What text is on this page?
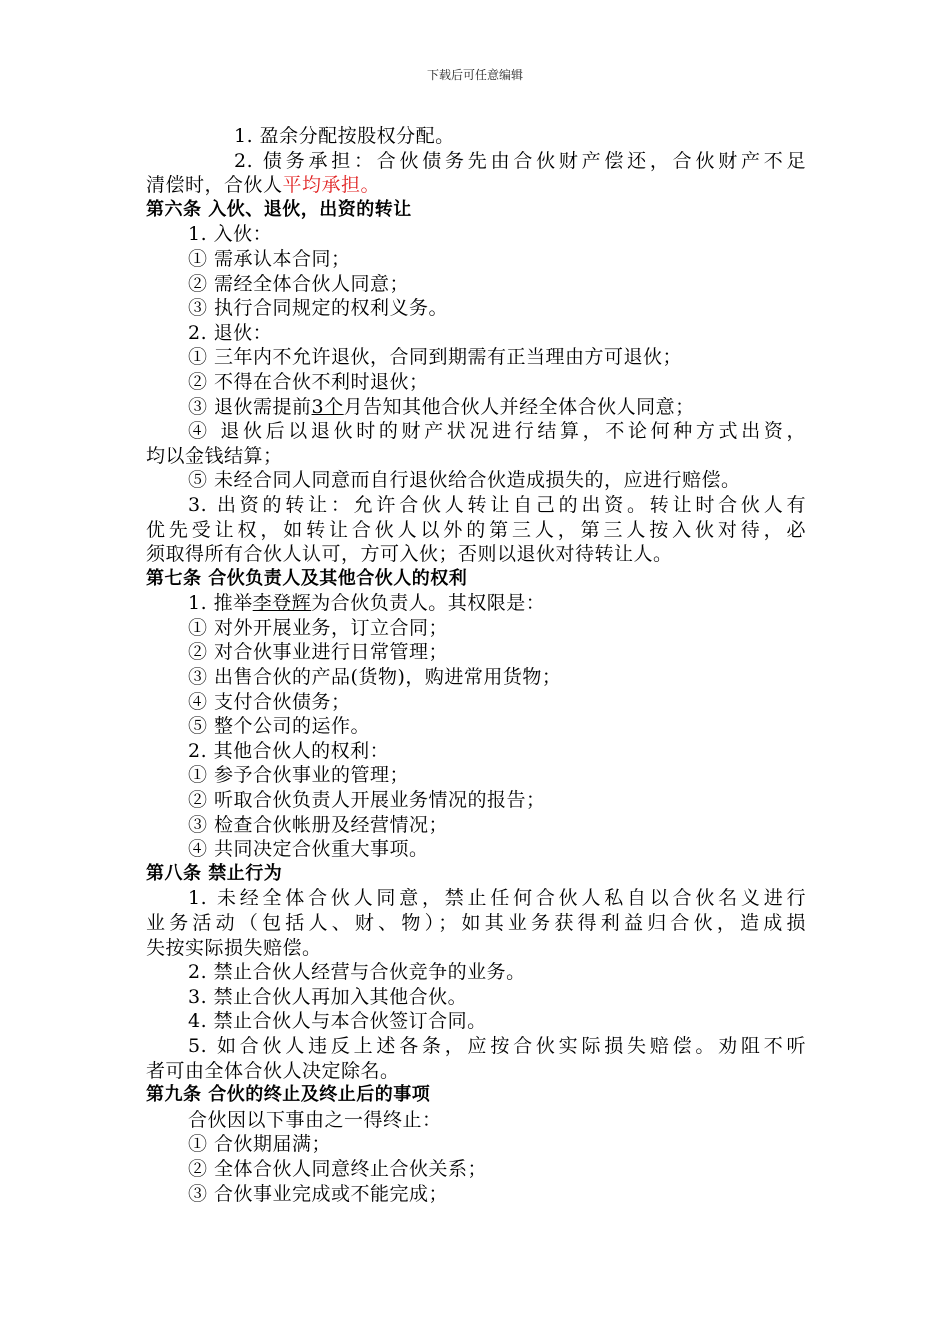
下载后可任意编辑
1. 盈余分配按股权分配。
2. 债务承担：合伙债务先由合伙财产偿还，合伙财产不足
清偿时，合伙人平均承担。
第六条 入伙、退伙，出资的转让
1. 入伙：
① 需承认本合同；
② 需经全体合伙人同意；
③ 执行合同规定的权利义务。
2. 退伙：
① 三年内不允许退伙，合同到期需有正当理由方可退伙；
② 不得在合伙不利时退伙；
③ 退伙需提前3个月告知其他合伙人并经全体合伙人同意；
④ 退伙后以退伙时的财产状况进行结算，不论何种方式出资，
均以金钱结算；
⑤ 未经合同人同意而自行退伙给合伙造成损失的，应进行赔偿。
3. 出资的转让：允许合伙人转让自己的出资。转让时合伙人有
优先受让权，如转让合伙人以外的第三人，第三人按入伙对待，必
须取得所有合伙人认可，方可入伙；否则以退伙对待转让人。
第七条 合伙负责人及其他合伙人的权利
1. 推举李登辉为合伙负责人。其权限是：
① 对外开展业务，订立合同；
② 对合伙事业进行日常管理；
③ 出售合伙的产品(货物)，购进常用货物；
④ 支付合伙债务；
⑤ 整个公司的运作。
2. 其他合伙人的权利：
① 参予合伙事业的管理；
② 听取合伙负责人开展业务情况的报告；
③ 检查合伙帐册及经营情况；
④ 共同决定合伙重大事项。
第八条 禁止行为
1. 未经全体合伙人同意，禁止任何合伙人私自以合伙名义进行
业务活动（包括人、财、物）；如其业务获得利益归合伙，造成损
失按实际损失赔偿。
2. 禁止合伙人经营与合伙竞争的业务。
3. 禁止合伙人再加入其他合伙。
4. 禁止合伙人与本合伙签订合同。
5. 如合伙人违反上述各条，应按合伙实际损失赔偿。劝阻不听
者可由全体合伙人决定除名。
第九条 合伙的终止及终止后的事项
合伙因以下事由之一得终止：
① 合伙期届满；
② 全体合伙人同意终止合伙关系；
③ 合伙事业完成或不能完成；
